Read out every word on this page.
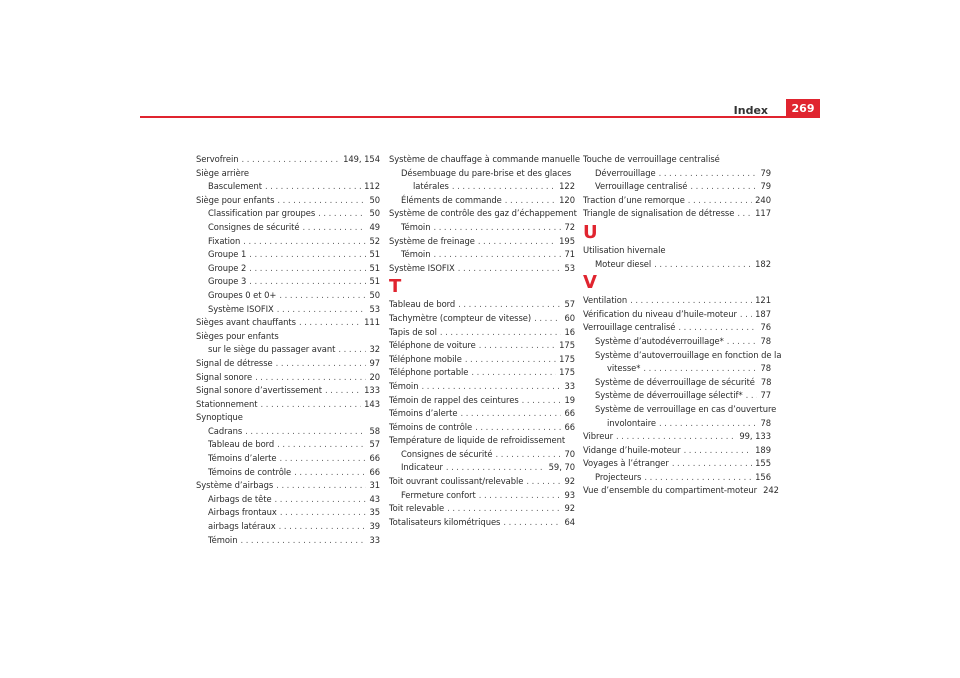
Index	269
Servofrein . . .	149, 154
Siège arrière
Basculement . . .	112
Siège pour enfants . . .	50
Classification par groupes . . .	50
Consignes de sécurité . . .	49
Fixation . . .	52
Groupe 1 . . .	51
Groupe 2 . . .	51
Groupe 3 . . .	51
Groupes 0 et 0+ . . .	50
Système ISOFIX . . .	53
Sièges avant chauffants . . .	111
Sièges pour enfants
sur le siège du passager avant . . .	32
Signal de détresse . . .	97
Signal sonore . . .	20
Signal sonore d’avertissement . . .	133
Stationnement . . .	143
Synoptique
Cadrans . . .	58
Tableau de bord . . .	57
Témoins d’alerte . . .	66
Témoins de contrôle . . .	66
Système d’airbags . . .	31
Airbags de tête . . .	43
Airbags frontaux . . .	35
airbags latéraux . . .	39
Témoin . . .	33
Système de chauffage à commande manuelle
Désembuage du pare-brise et des glaces
latérales . . .	122
Éléments de commande . . .	120
Système de contrôle des gaz d’échappement
Témoin . . .	72
Système de freinage . . .	195
Témoin . . .	71
Système ISOFIX . . .	53
T
Tableau de bord . . .	57
Tachymètre (compteur de vitesse) . . .	60
Tapis de sol . . .	16
Téléphone de voiture . . .	175
Téléphone mobile . . .	175
Téléphone portable . . .	175
Témoin . . .	33
Témoin de rappel des ceintures . . .	19
Témoins d’alerte . . .	66
Témoins de contrôle . . .	66
Température de liquide de refroidissement
Consignes de sécurité . . .	70
Indicateur . . .	59, 70
Toit ouvrant coulissant/relevable . . .	92
Fermeture confort . . .	93
Toit relevable . . .	92
Totalisateurs kilométriques . . .	64
Touche de verrouillage centralisé
Déverrouillage . . .	79
Verrouillage centralisé . . .	79
Traction d’une remorque . . .	240
Triangle de signalisation de détresse . . . 117
U
Utilisation hivernale
Moteur diesel . . .	182
V
Ventilation . . .	121
Vérification du niveau d’huile-moteur . . . 187
Verrouillage centralisé . . .	76
Système d’autodéverrouillage* . . .	78
Système d’autoverrouillage en fonction de la
vitesse* . . .	78
Système de déverrouillage de sécurité 78
Système de déverrouillage sélectif* . . . 77
Système de verrouillage en cas d’ouverture
involontaire . . .	78
Vibreur . . .	99, 133
Vidange d’huile-moteur . . .	189
Voyages à l’étranger . . .	155
Projecteurs . . .	156
Vue d’ensemble du compartiment-moteur 242
